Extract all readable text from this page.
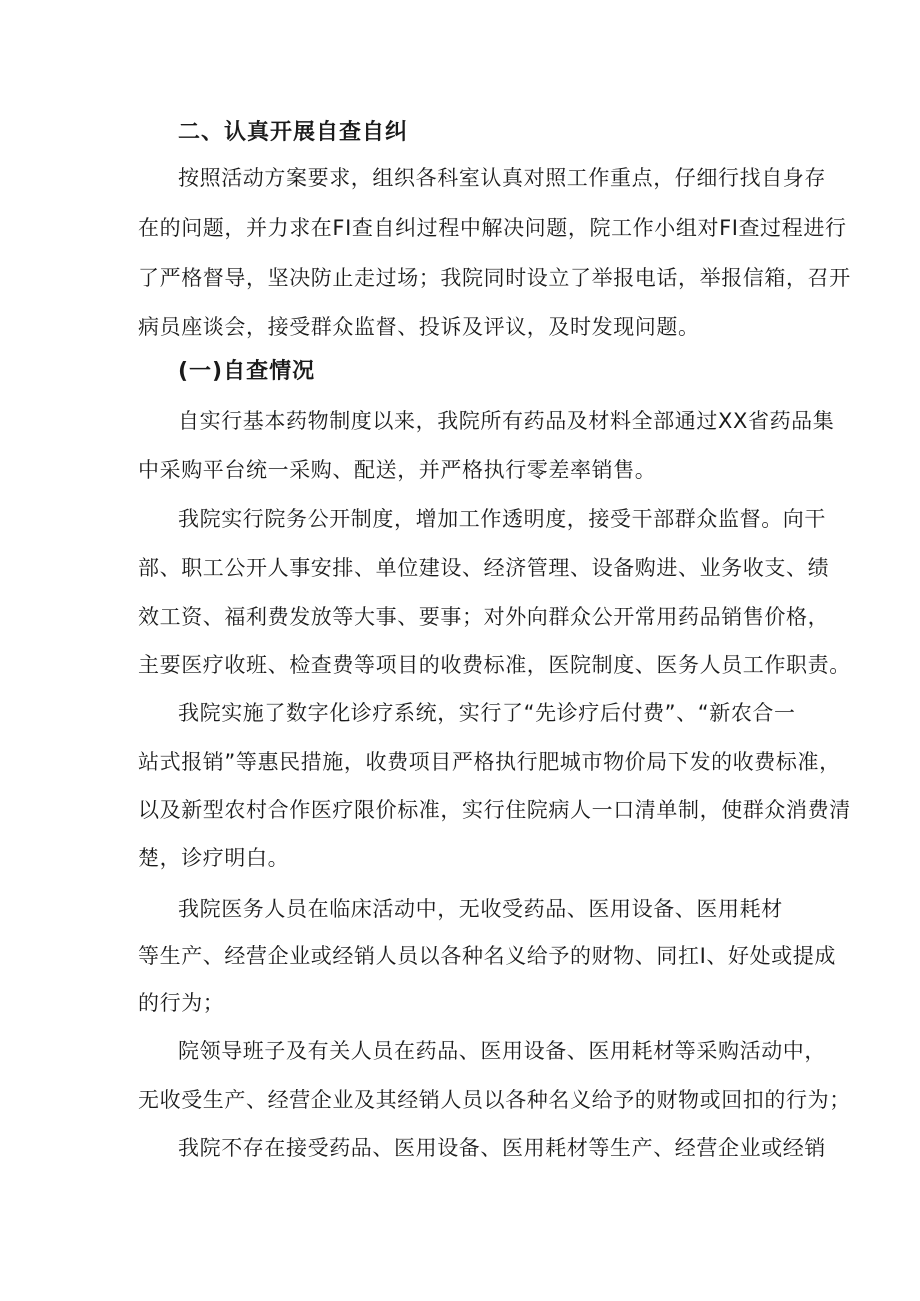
二、认真开展自查自纠
按照活动方案要求，组织各科室认真对照工作重点，仔细行找自身存
在的问题，并力求在FI查自纠过程中解决问题，院工作小组对FI查过程进行
了严格督导，坚决防止走过场；我院同时设立了举报电话，举报信箱，召开
病员座谈会，接受群众监督、投诉及评议，及时发现问题。
(一)自查情况
自实行基本药物制度以来，我院所有药品及材料全部通过XX省药品集
中采购平台统一采购、配送，并严格执行零差率销售。
我院实行院务公开制度，增加工作透明度，接受干部群众监督。向干
部、职工公开人事安排、单位建设、经济管理、设备购进、业务收支、绩
效工资、福利费发放等大事、要事；对外向群众公开常用药品销售价格，
主要医疗收班、检查费等项目的收费标准，医院制度、医务人员工作职责。
我院实施了数字化诊疗系统，实行了“先诊疗后付费”、“新农合一
站式报销”等惠民措施，收费项目严格执行肥城市物价局下发的收费标准，
以及新型农村合作医疗限价标准，实行住院病人一口清单制，使群众消费清
楚，诊疗明白。
我院医务人员在临床活动中，无收受药品、医用设备、医用耗材
等生产、经营企业或经销人员以各种名义给予的财物、同扛I、好处或提成
的行为；
院领导班子及有关人员在药品、医用设备、医用耗材等采购活动中，
无收受生产、经营企业及其经销人员以各种名义给予的财物或回扣的行为；
我院不存在接受药品、医用设备、医用耗材等生产、经营企业或经销
